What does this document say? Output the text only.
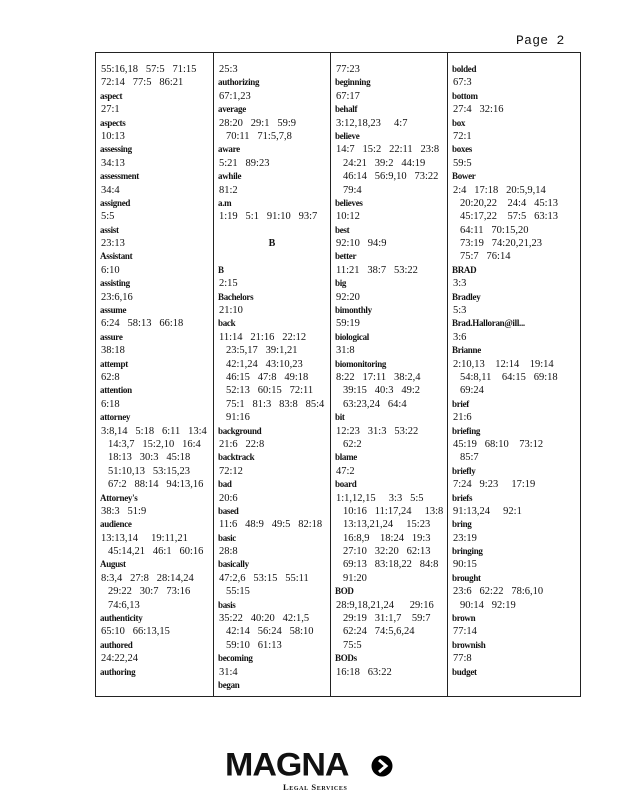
Page 2
55:16,18   57:5   71:15
72:14   77:5   86:21
aspect
27:1
aspects
10:13
assessing
34:13
assessment
34:4
assigned
5:5
assist
23:13
Assistant
6:10
assisting
23:6,16
assume
6:24   58:13   66:18
assure
38:18
attempt
62:8
attention
6:18
attorney
3:8,14   5:18   6:11   13:4
14:3,7   15:2,10   16:4
18:13   30:3   45:18
51:10,13   53:15,23
67:2   88:14   94:13,16
Attorney's
38:3   51:9
audience
13:13,14     19:11,21
45:14,21   46:1   60:16
August
8:3,4   27:8   28:14,24
29:22   30:7   73:16
74:6,13
authenticity
65:10   66:13,15
authored
24:22,24
authoring
25:3
authorizing
67:1,23
average
28:20   29:1   59:9
70:11   71:5,7,8
aware
5:21   89:23
awhile
81:2
a.m
1:19   5:1   91:10   93:7
B
B
2:15
Bachelors
21:10
back
11:14   21:16   22:12
23:5,17   39:1,21
42:1,24   43:10,23
46:15   47:8   49:18
52:13   60:15   72:11
75:1   81:3   83:8   85:4
91:16
background
21:6   22:8
backtrack
72:12
bad
20:6
based
11:6   48:9   49:5   82:18
basic
28:8
basically
47:2,6   53:15   55:11
55:15
basis
35:22   40:20   42:1,5
42:14   56:24   58:10
59:10   61:13
becoming
31:4
began
77:23
beginning
67:17
behalf
3:12,18,23     4:7
believe
14:7   15:2   22:11   23:8
24:21   39:2   44:19
46:14   56:9,10   73:22
79:4
believes
10:12
best
92:10   94:9
better
11:21   38:7   53:22
big
92:20
bimonthly
59:19
biological
31:8
biomonitoring
8:22   17:11   38:2,4
39:15   40:3   49:2
63:23,24   64:4
bit
12:23   31:3   53:22
62:2
blame
47:2
board
1:1,12,15     3:3   5:5
10:16   11:17,24     13:8
13:13,21,24     15:23
16:8,9    18:24   19:3
27:10   32:20   62:13
69:13   83:18,22   84:8
91:20
BOD
28:9,18,21,24      29:16
29:19   31:1,7    59:7
62:24   74:5,6,24
75:5
BODs
16:18   63:22
bolded
67:3
bottom
27:4   32:16
box
72:1
boxes
59:5
Bower
2:4   17:18   20:5,9,14
20:20,22    24:4   45:13
45:17,22    57:5   63:13
64:11   70:15,20
73:19   74:20,21,23
75:7   76:14
BRAD
3:3
Bradley
5:3
Brad.Halloran@ill...
3:6
Brianne
2:10,13    12:14    19:14
54:8,11    64:15   69:18
69:24
brief
21:6
briefing
45:19   68:10    73:12
85:7
briefly
7:24   9:23     17:19
briefs
91:13,24     92:1
bring
23:19
bringing
90:15
brought
23:6   62:22   78:6,10
90:14   92:19
brown
77:14
brownish
77:8
budget
MAGNA
Legal Services
